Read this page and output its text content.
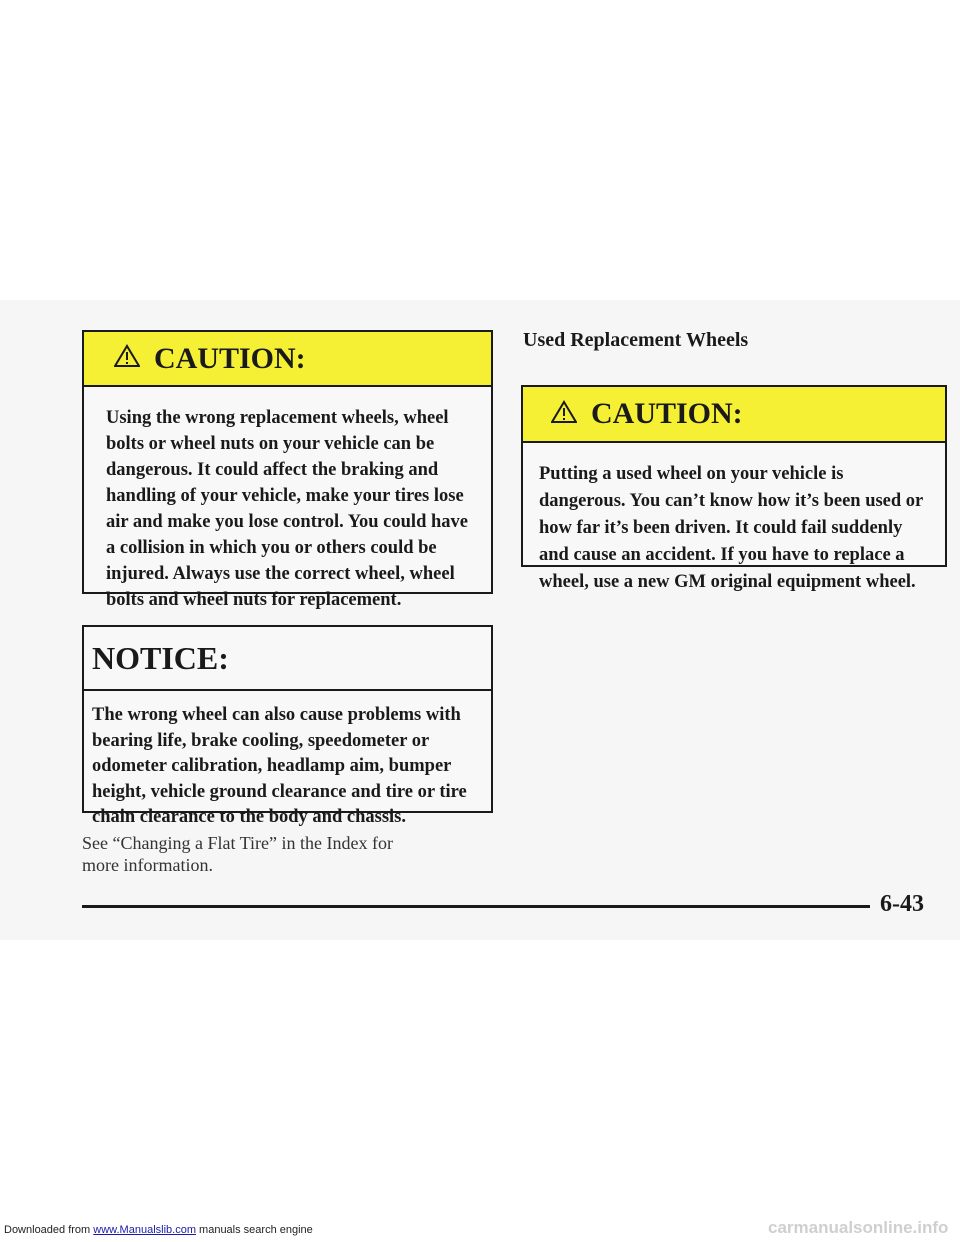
CAUTION:
Using the wrong replacement wheels, wheel
bolts or wheel nuts on your vehicle can be
dangerous. It could affect the braking and
handling of your vehicle, make your tires lose
air and make you lose control. You could have
a collision in which you or others could be
injured. Always use the correct wheel, wheel
bolts and wheel nuts for replacement.
NOTICE:
The wrong wheel can also cause problems with
bearing life, brake cooling, speedometer or
odometer calibration, headlamp aim, bumper
height, vehicle ground clearance and tire or tire
chain clearance to the body and chassis.
See “Changing a Flat Tire” in the Index for
more information.
Used Replacement Wheels
CAUTION:
Putting a used wheel on your vehicle is
dangerous. You can’t know how it’s been used or
how far it’s been driven. It could fail suddenly
and cause an accident. If you have to replace a
wheel, use a new GM original equipment wheel.
6-43
Downloaded from www.Manualslib.com manuals search engine	carmanualsonline.info
